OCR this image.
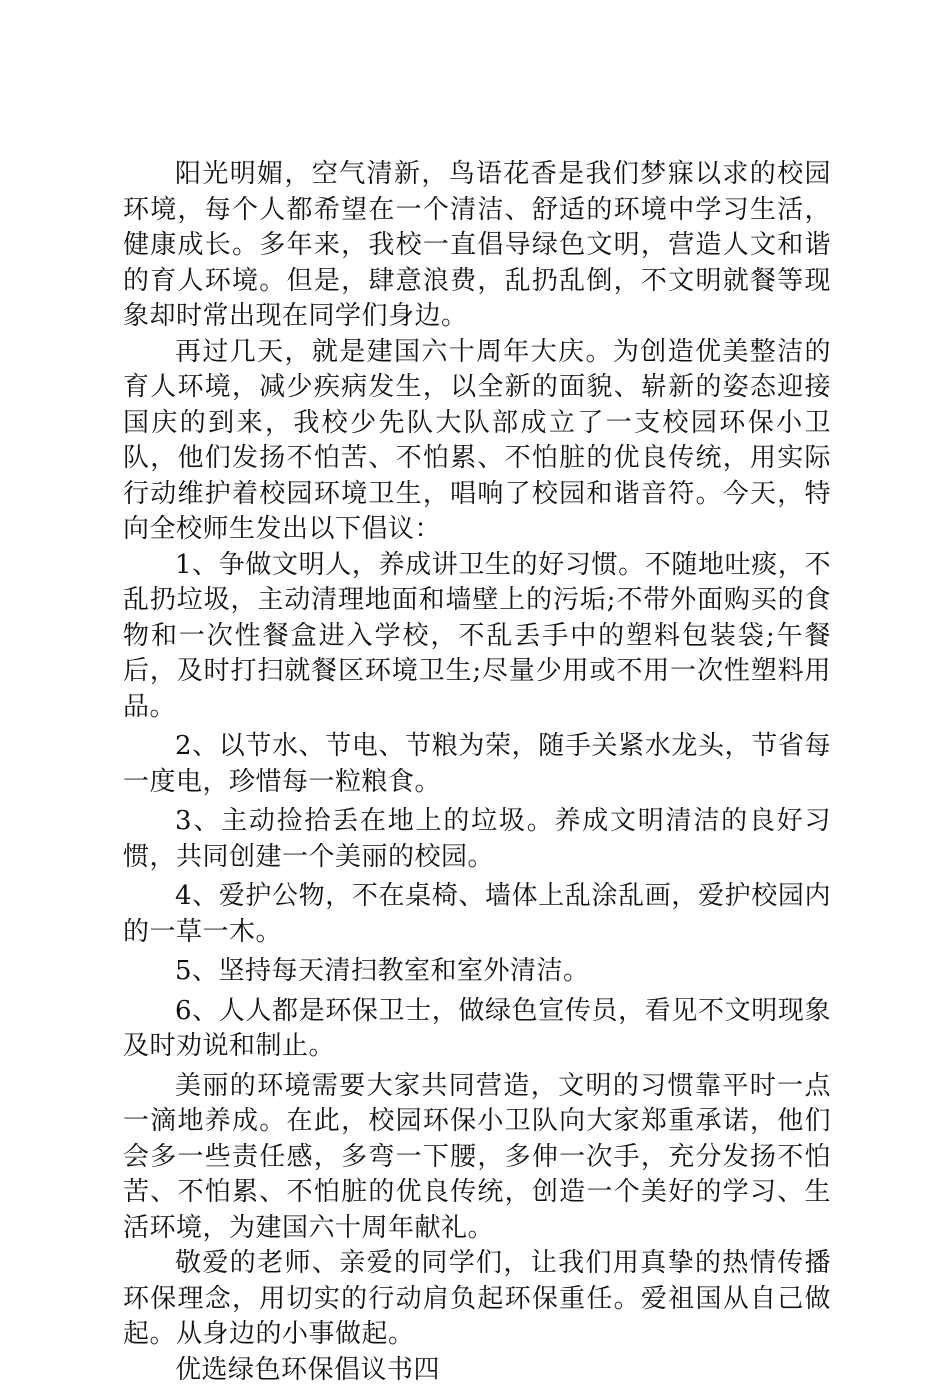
阳光明媚，空气清新，鸟语花香是我们梦寐以求的校园环境，每个人都希望在一个清洁、舒适的环境中学习生活，健康成长。多年来，我校一直倡导绿色文明，营造人文和谐的育人环境。但是，肆意浪费，乱扔乱倒，不文明就餐等现象却时常出现在同学们身边。

再过几天，就是建国六十周年大庆。为创造优美整洁的育人环境，减少疾病发生，以全新的面貌、崭新的姿态迎接国庆的到来，我校少先队大队部成立了一支校园环保小卫队，他们发扬不怕苦、不怕累、不怕脏的优良传统，用实际行动维护着校园环境卫生，唱响了校园和谐音符。今天，特向全校师生发出以下倡议：

1、争做文明人，养成讲卫生的好习惯。不随地吐痰，不乱扔垃圾，主动清理地面和墙壁上的污垢;不带外面购买的食物和一次性餐盒进入学校，不乱丢手中的塑料包装袋;午餐后，及时打扫就餐区环境卫生;尽量少用或不用一次性塑料用品。

2、以节水、节电、节粮为荣，随手关紧水龙头，节省每一度电，珍惜每一粒粮食。

3、主动捡拾丢在地上的垃圾。养成文明清洁的良好习惯，共同创建一个美丽的校园。

4、爱护公物，不在桌椅、墙体上乱涂乱画，爱护校园内的一草一木。

5、坚持每天清扫教室和室外清洁。

6、人人都是环保卫士，做绿色宣传员，看见不文明现象及时劝说和制止。

美丽的环境需要大家共同营造，文明的习惯靠平时一点一滴地养成。在此，校园环保小卫队向大家郑重承诺，他们会多一些责任感，多弯一下腰，多伸一次手，充分发扬不怕苦、不怕累、不怕脏的优良传统，创造一个美好的学习、生活环境，为建国六十周年献礼。

敬爱的老师、亲爱的同学们，让我们用真挚的热情传播环保理念，用切实的行动肩负起环保重任。爱祖国从自己做起。从身边的小事做起。

优选绿色环保倡议书四
